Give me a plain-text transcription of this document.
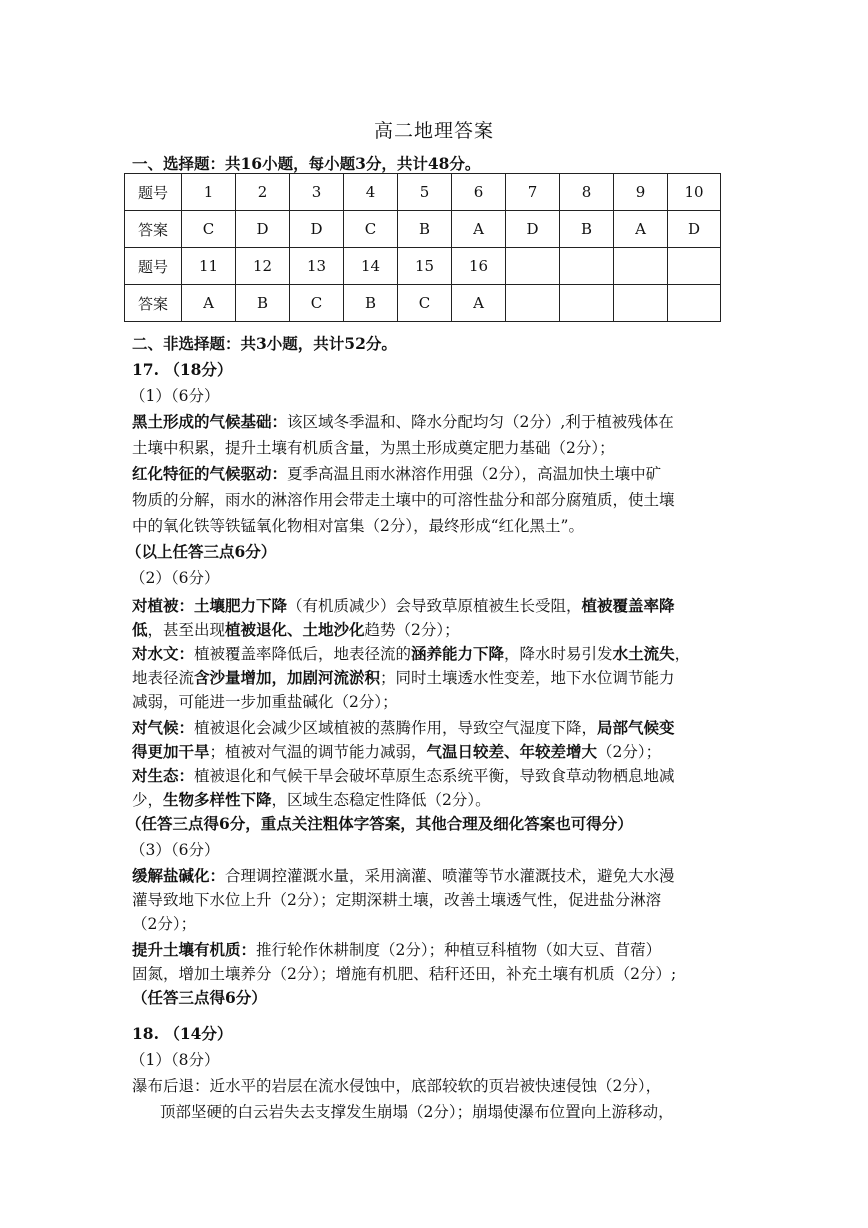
高二地理答案
一、选择题：共16小题，每小题3分，共计48分。
题号	1	2	3	4	5	6	7	8	9	10
答案	C	D	D	C	B	A	D	B	A	D
题号	11	12	13	14	15	16				
答案	A	B	C	B	C	A				
二、非选择题：共3小题，共计52分。
17. （18分）
（1）（6分）
黑土形成的气候基础：该区域冬季温和、降水分配均匀（2分）,利于植被残体在
土壤中积累，提升土壤有机质含量，为黑土形成奠定肥力基础（2分）；
红化特征的气候驱动：夏季高温且雨水淋溶作用强（2分），高温加快土壤中矿
物质的分解，雨水的淋溶作用会带走土壤中的可溶性盐分和部分腐殖质，使土壤
中的氧化铁等铁锰氧化物相对富集（2分），最终形成“红化黑土”。
（以上任答三点6分）
（2）（6分）
对植被：土壤肥力下降（有机质减少）会导致草原植被生长受阻，植被覆盖率降
低，甚至出现植被退化、土地沙化趋势（2分）；
对水文：植被覆盖率降低后，地表径流的涵养能力下降，降水时易引发水土流失，
地表径流含沙量增加，加剧河流淤积；同时土壤透水性变差，地下水位调节能力
减弱，可能进一步加重盐碱化（2分）；
对气候：植被退化会减少区域植被的蒸腾作用，导致空气湿度下降，局部气候变
得更加干旱；植被对气温的调节能力减弱，气温日较差、年较差增大（2分）；
对生态：植被退化和气候干旱会破坏草原生态系统平衡，导致食草动物栖息地减
少，生物多样性下降，区域生态稳定性降低（2分）。
（任答三点得6分，重点关注粗体字答案，其他合理及细化答案也可得分）
（3）（6分）
缓解盐碱化：合理调控灌溉水量，采用滴灌、喷灌等节水灌溉技术，避免大水漫
灌导致地下水位上升（2分）；定期深耕土壤，改善土壤透气性，促进盐分淋溶
（2分）；
提升土壤有机质：推行轮作休耕制度（2分）；种植豆科植物（如大豆、苜蓿）
固氮，增加土壤养分（2分）；增施有机肥、秸秆还田，补充土壤有机质（2分）;
（任答三点得6分）
18. （14分）
（1）（8分）
瀑布后退：近水平的岩层在流水侵蚀中，底部较软的页岩被快速侵蚀（2分），
顶部坚硬的白云岩失去支撑发生崩塌（2分）；崩塌使瀑布位置向上游移动，
